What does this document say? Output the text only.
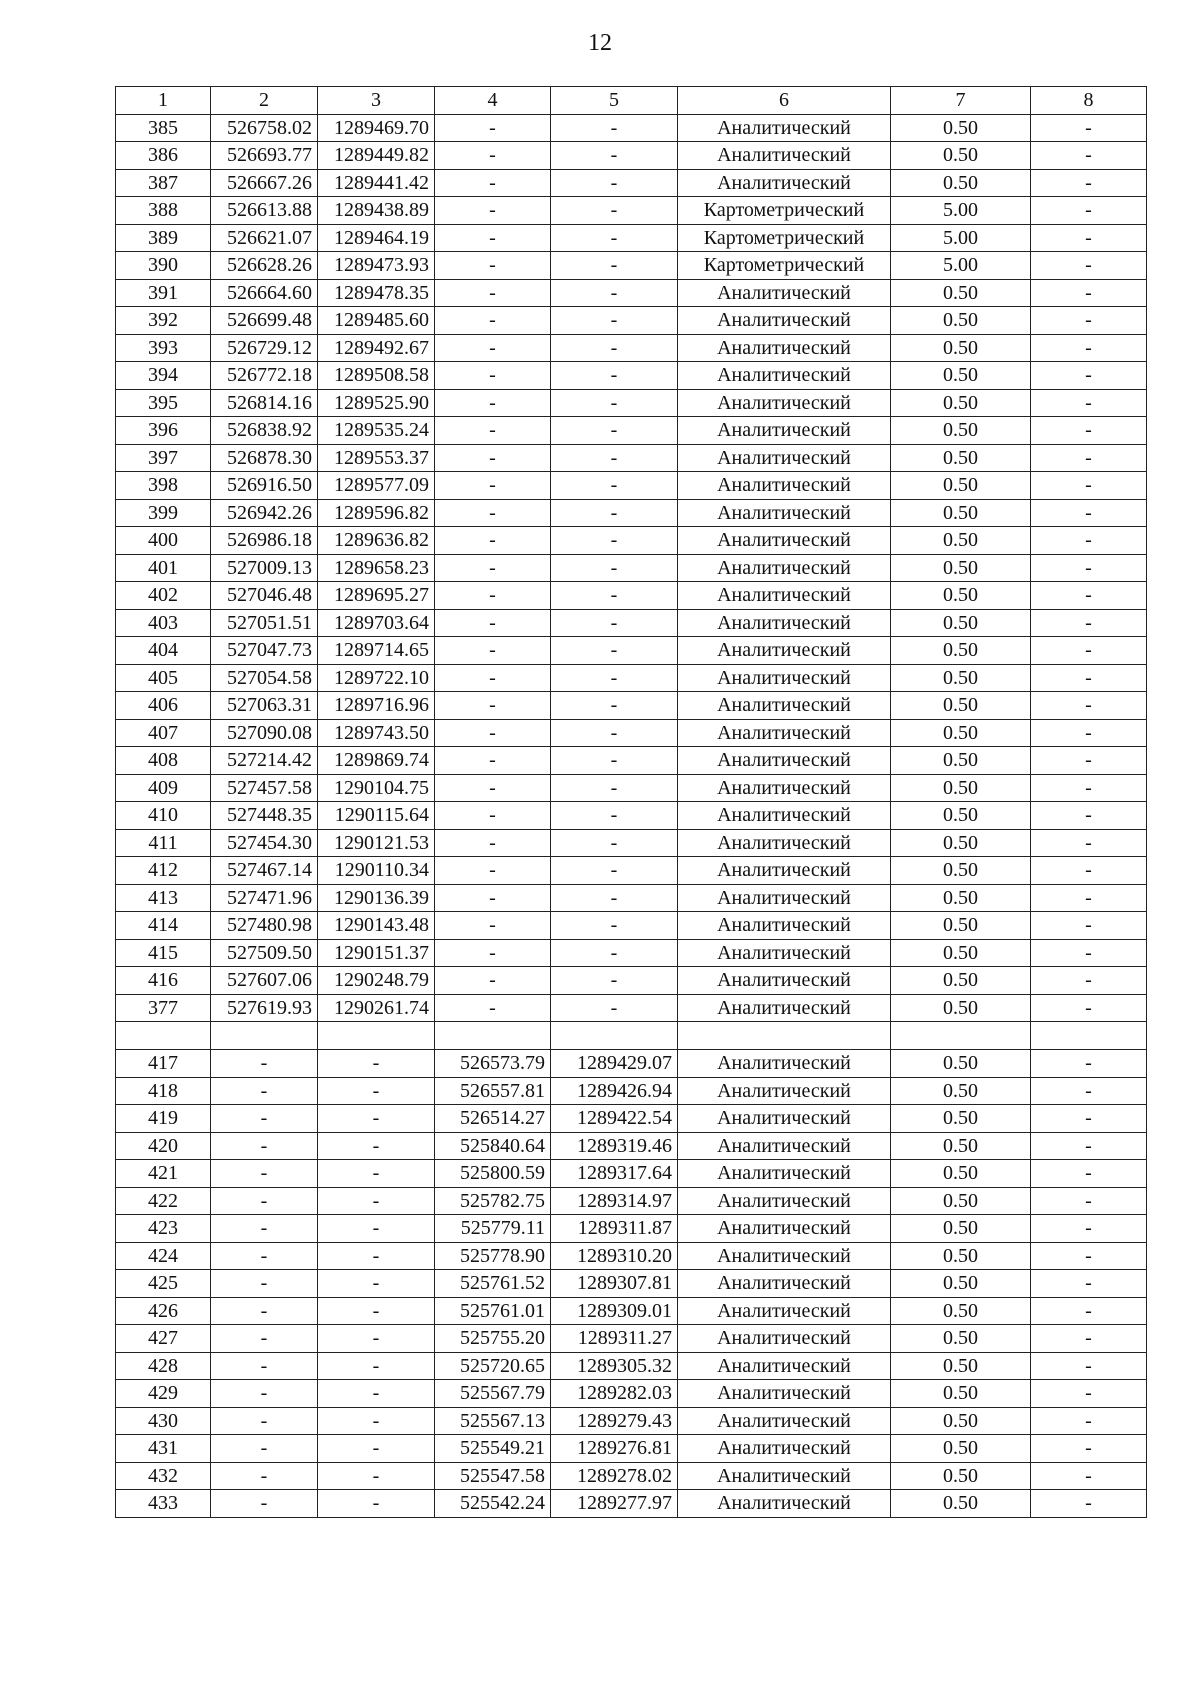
12
1	2	3	4	5	6	7	8
385	526758.02	1289469.70	-	-	Аналитический	0.50	-
386	526693.77	1289449.82	-	-	Аналитический	0.50	-
387	526667.26	1289441.42	-	-	Аналитический	0.50	-
388	526613.88	1289438.89	-	-	Картометрический	5.00	-
389	526621.07	1289464.19	-	-	Картометрический	5.00	-
390	526628.26	1289473.93	-	-	Картометрический	5.00	-
391	526664.60	1289478.35	-	-	Аналитический	0.50	-
392	526699.48	1289485.60	-	-	Аналитический	0.50	-
393	526729.12	1289492.67	-	-	Аналитический	0.50	-
394	526772.18	1289508.58	-	-	Аналитический	0.50	-
395	526814.16	1289525.90	-	-	Аналитический	0.50	-
396	526838.92	1289535.24	-	-	Аналитический	0.50	-
397	526878.30	1289553.37	-	-	Аналитический	0.50	-
398	526916.50	1289577.09	-	-	Аналитический	0.50	-
399	526942.26	1289596.82	-	-	Аналитический	0.50	-
400	526986.18	1289636.82	-	-	Аналитический	0.50	-
401	527009.13	1289658.23	-	-	Аналитический	0.50	-
402	527046.48	1289695.27	-	-	Аналитический	0.50	-
403	527051.51	1289703.64	-	-	Аналитический	0.50	-
404	527047.73	1289714.65	-	-	Аналитический	0.50	-
405	527054.58	1289722.10	-	-	Аналитический	0.50	-
406	527063.31	1289716.96	-	-	Аналитический	0.50	-
407	527090.08	1289743.50	-	-	Аналитический	0.50	-
408	527214.42	1289869.74	-	-	Аналитический	0.50	-
409	527457.58	1290104.75	-	-	Аналитический	0.50	-
410	527448.35	1290115.64	-	-	Аналитический	0.50	-
411	527454.30	1290121.53	-	-	Аналитический	0.50	-
412	527467.14	1290110.34	-	-	Аналитический	0.50	-
413	527471.96	1290136.39	-	-	Аналитический	0.50	-
414	527480.98	1290143.48	-	-	Аналитический	0.50	-
415	527509.50	1290151.37	-	-	Аналитический	0.50	-
416	527607.06	1290248.79	-	-	Аналитический	0.50	-
377	527619.93	1290261.74	-	-	Аналитический	0.50	-

417	-	-	526573.79	1289429.07	Аналитический	0.50	-
418	-	-	526557.81	1289426.94	Аналитический	0.50	-
419	-	-	526514.27	1289422.54	Аналитический	0.50	-
420	-	-	525840.64	1289319.46	Аналитический	0.50	-
421	-	-	525800.59	1289317.64	Аналитический	0.50	-
422	-	-	525782.75	1289314.97	Аналитический	0.50	-
423	-	-	525779.11	1289311.87	Аналитический	0.50	-
424	-	-	525778.90	1289310.20	Аналитический	0.50	-
425	-	-	525761.52	1289307.81	Аналитический	0.50	-
426	-	-	525761.01	1289309.01	Аналитический	0.50	-
427	-	-	525755.20	1289311.27	Аналитический	0.50	-
428	-	-	525720.65	1289305.32	Аналитический	0.50	-
429	-	-	525567.79	1289282.03	Аналитический	0.50	-
430	-	-	525567.13	1289279.43	Аналитический	0.50	-
431	-	-	525549.21	1289276.81	Аналитический	0.50	-
432	-	-	525547.58	1289278.02	Аналитический	0.50	-
433	-	-	525542.24	1289277.97	Аналитический	0.50	-
